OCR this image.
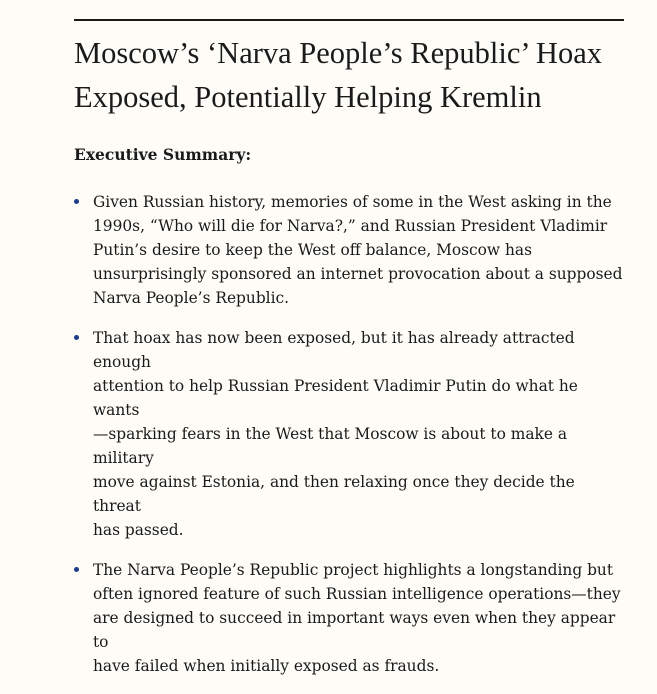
Moscow’s ‘Narva People’s Republic’ Hoax
Exposed, Potentially Helping Kremlin
Executive Summary:
Given Russian history, memories of some in the West asking in the
1990s, “Who will die for Narva?,” and Russian President Vladimir
Putin’s desire to keep the West off balance, Moscow has
unsurprisingly sponsored an internet provocation about a supposed
Narva People’s Republic.
That hoax has now been exposed, but it has already attracted enough
attention to help Russian President Vladimir Putin do what he wants
—sparking fears in the West that Moscow is about to make a military
move against Estonia, and then relaxing once they decide the threat
has passed.
The Narva People’s Republic project highlights a longstanding but
often ignored feature of such Russian intelligence operations—they
are designed to succeed in important ways even when they appear to
have failed when initially exposed as frauds.
